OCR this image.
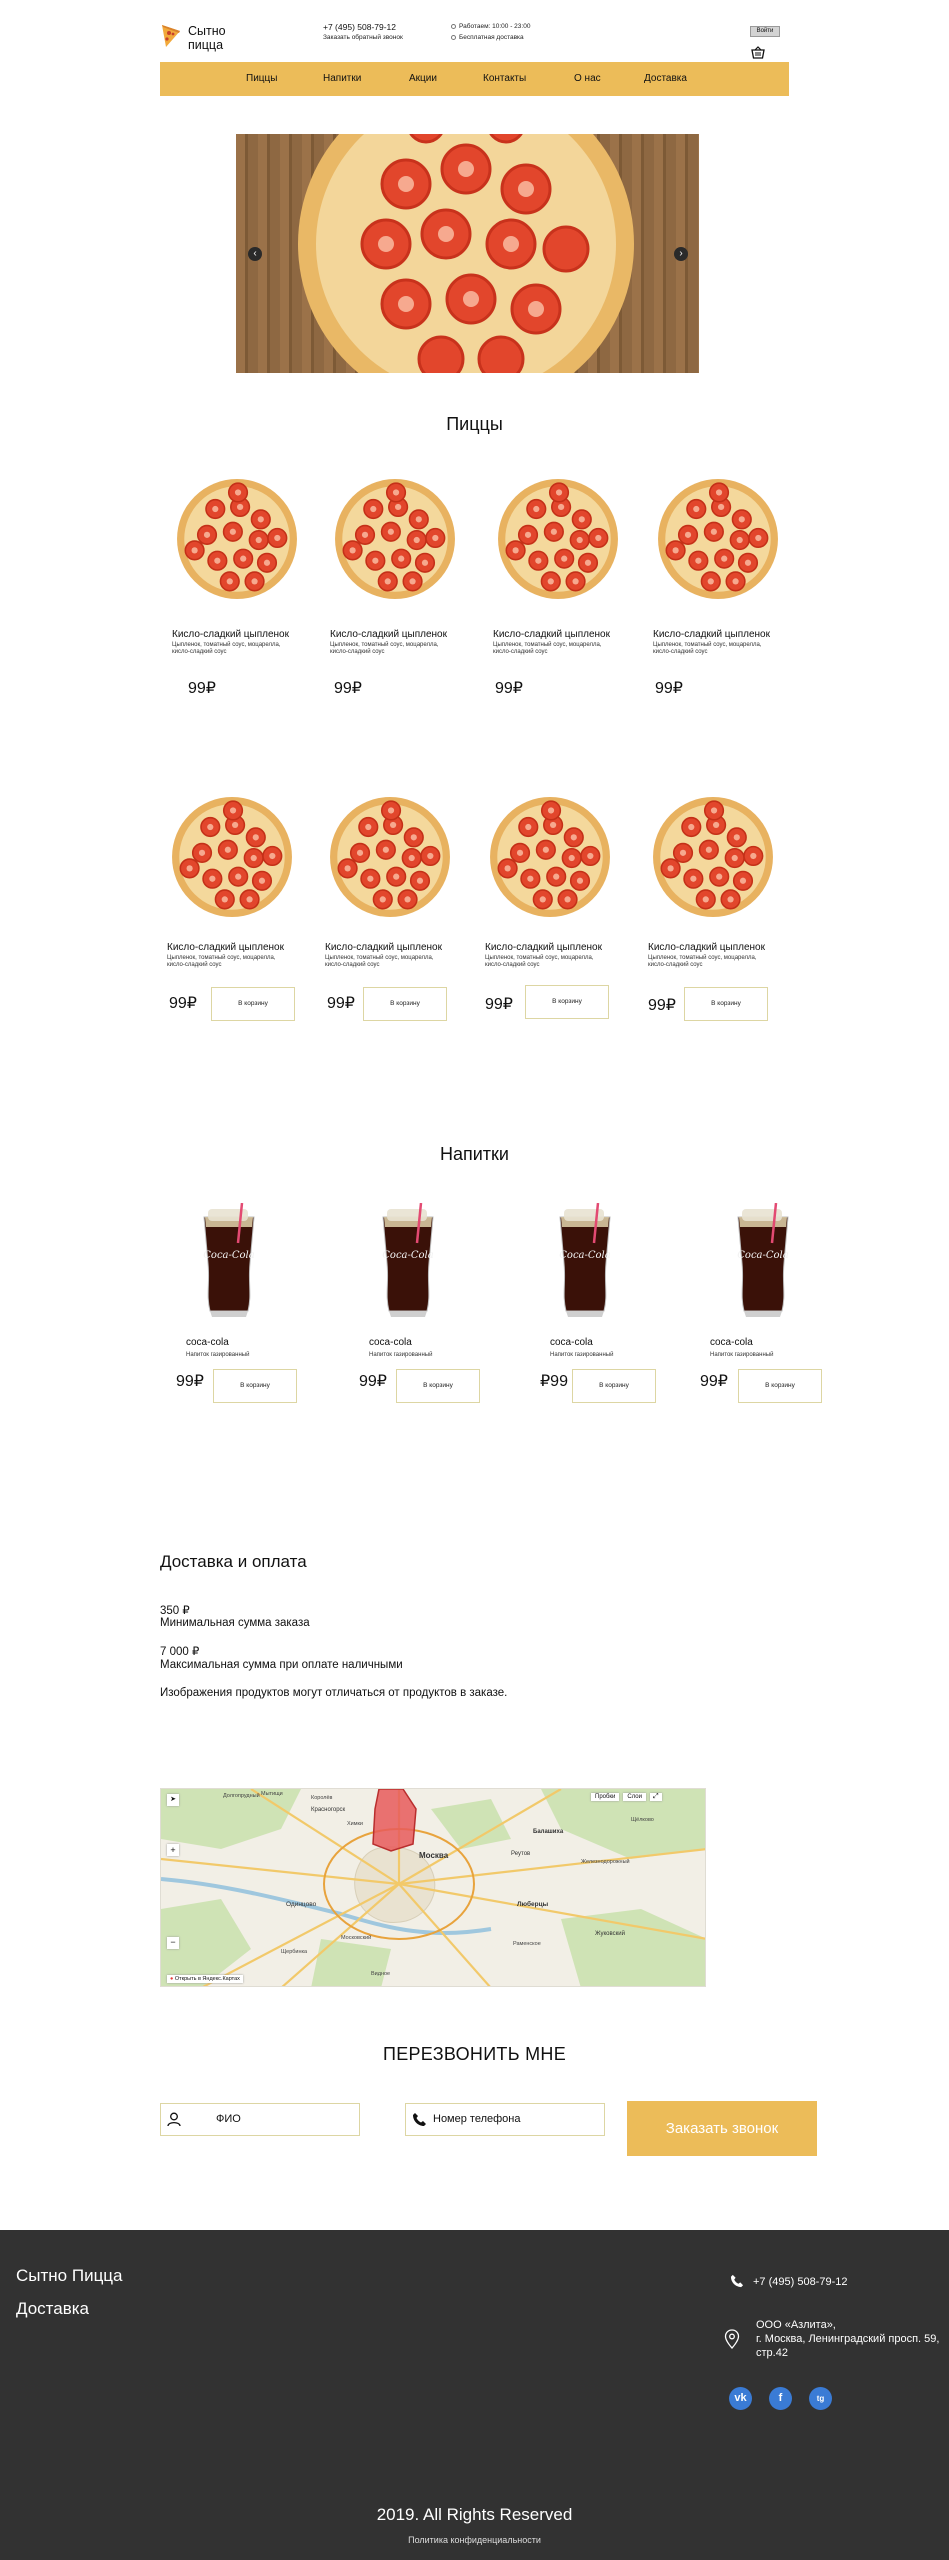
Сытно
пицца
+7 (495) 508-79-12
Заказать обратный звонок
Работаем: 10:00 - 23:00
Бесплатная доставка
Войти
Пиццы	Напитки	Акции	Контакты	О нас	Доставка
‹	›
Пиццы
Кисло-сладкий цыпленок
Цыпленок, томатный соус, моцарелла, кисло-сладкий соус
99₽
Кисло-сладкий цыпленок
Цыпленок, томатный соус, моцарелла, кисло-сладкий соус
99₽
Кисло-сладкий цыпленок
Цыпленок, томатный соус, моцарелла, кисло-сладкий соус
99₽
Кисло-сладкий цыпленок
Цыпленок, томатный соус, моцарелла, кисло-сладкий соус
99₽
Кисло-сладкий цыпленок
Цыпленок, томатный соус, моцарелла, кисло-сладкий соус
99₽	В корзину
Кисло-сладкий цыпленок
Цыпленок, томатный соус, моцарелла, кисло-сладкий соус
99₽	В корзину
Кисло-сладкий цыпленок
Цыпленок, томатный соус, моцарелла, кисло-сладкий соус
99₽	В корзину
Кисло-сладкий цыпленок
Цыпленок, томатный соус, моцарелла, кисло-сладкий соус
99₽	В корзину
Напитки
Coca-Cola
coca-cola
Напиток газированный
99₽	В корзину
Coca-Cola
coca-cola
Напиток газированный
99₽	В корзину
Coca-Cola
coca-cola
Напиток газированный
₽99	В корзину
Coca-Cola
coca-cola
Напиток газированный
99₽	В корзину
Доставка и оплата
350 ₽
Минимальная сумма заказа
7 000 ₽
Максимальная сумма при оплате наличными
Изображения продуктов могут отличаться от продуктов в заказе.
Москва
Долгопрудный Мытищи
Королёв
Красногорск
Балашиха
Реутов
Люберцы
Одинцово
Химки
Видное
Жуковский
Щербинка
Железнодорожный
Щёлково
Раменское
Московский
Пробки	Слои	⤢
➤
+
−
● Открыть в Яндекс.Картах
ПЕРЕЗВОНИТЬ МНЕ
ФИО
Номер телефона
Заказать звонок
Сытно Пицца
Доставка
+7 (495) 508-79-12
ООО «Азлита»,
г. Москва, Ленинградский просп. 59, стр.42
vk	f	tg
2019. All Rights Reserved
Политика конфиденциальности
